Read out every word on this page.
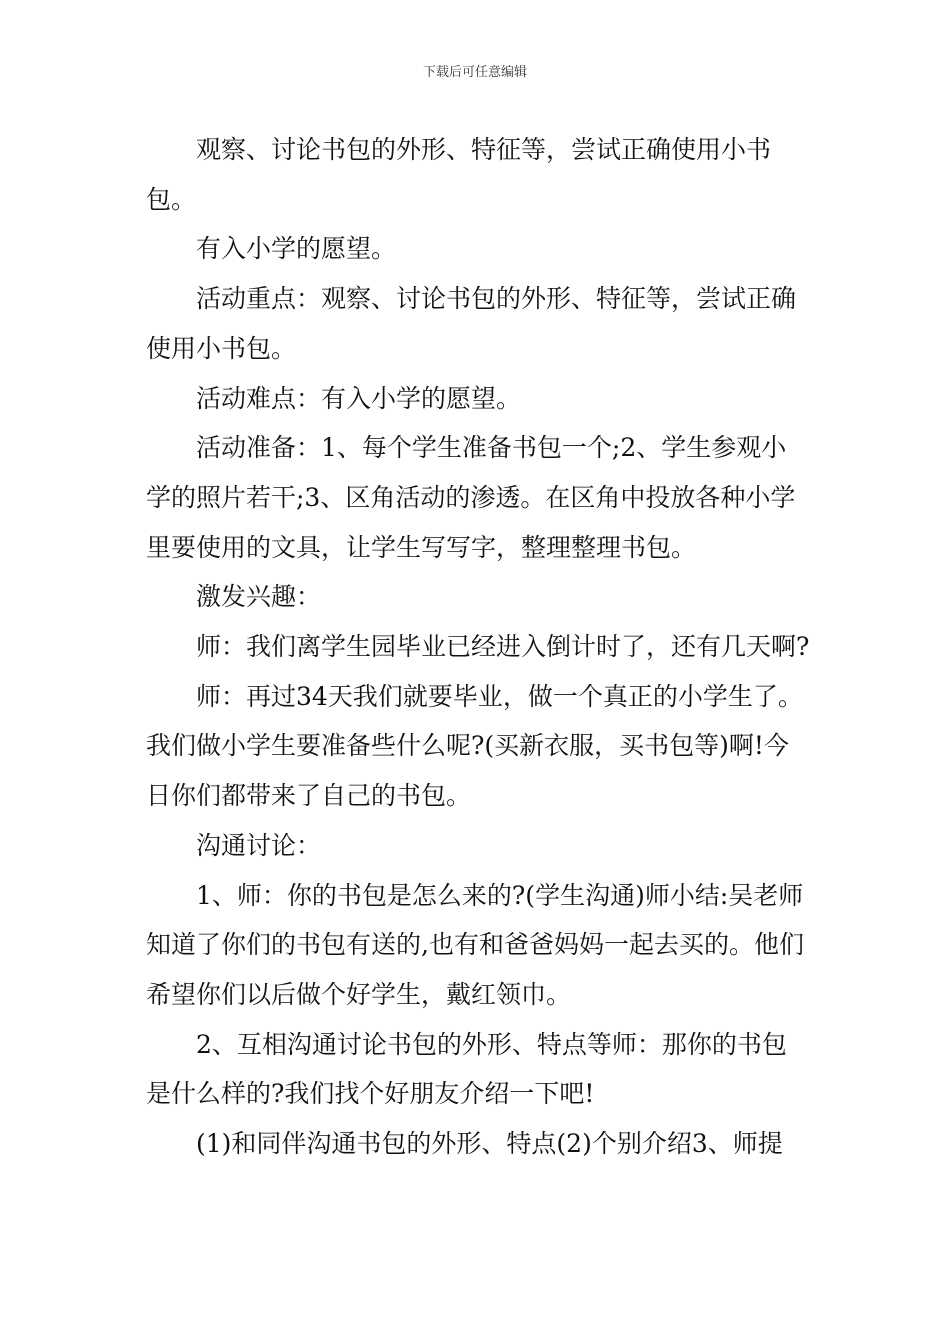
下载后可任意编辑

观察、讨论书包的外形、特征等，尝试正确使用小书包。

有入小学的愿望。

活动重点：观察、讨论书包的外形、特征等，尝试正确使用小书包。

活动难点：有入小学的愿望。

活动准备：1、每个学生准备书包一个;2、学生参观小学的照片若干;3、区角活动的渗透。在区角中投放各种小学里要使用的文具，让学生写写字，整理整理书包。

激发兴趣：

师：我们离学生园毕业已经进入倒计时了，还有几天啊?

师：再过34天我们就要毕业，做一个真正的小学生了。我们做小学生要准备些什么呢?(买新衣服，买书包等)啊!今日你们都带来了自己的书包。

沟通讨论：

1、师：你的书包是怎么来的?(学生沟通)师小结:吴老师知道了你们的书包有送的,也有和爸爸妈妈一起去买的。他们希望你们以后做个好学生，戴红领巾。

2、互相沟通讨论书包的外形、特点等师：那你的书包是什么样的?我们找个好朋友介绍一下吧!

(1)和同伴沟通书包的外形、特点(2)个别介绍3、师提
